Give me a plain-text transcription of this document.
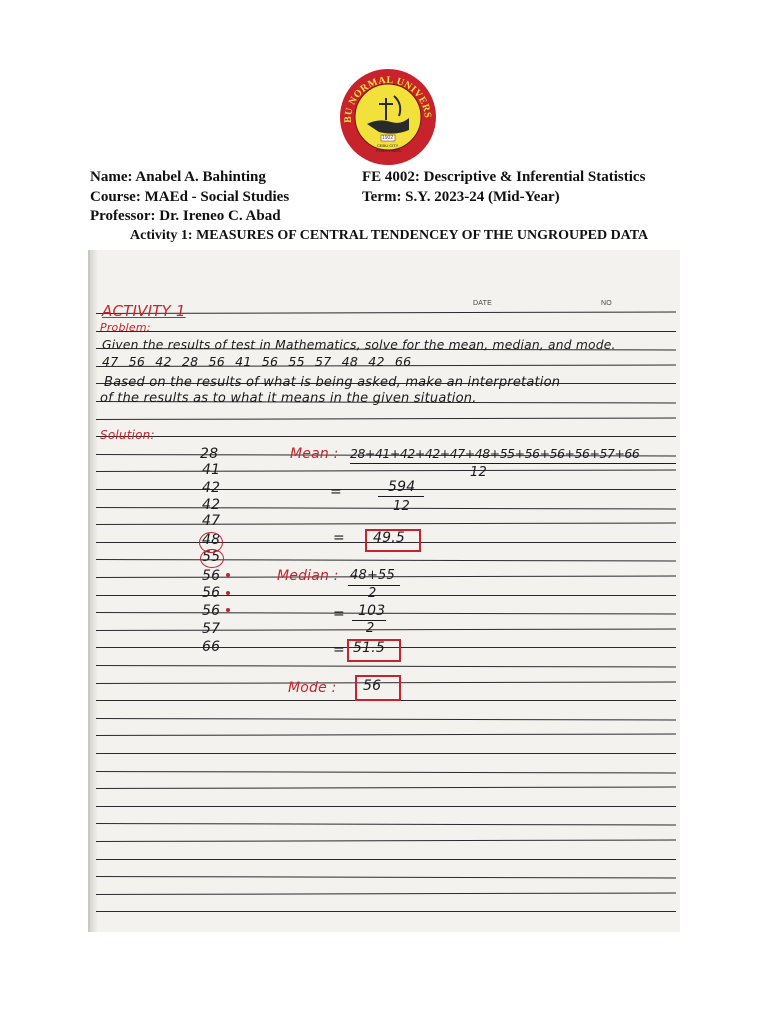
BU NORMAL UNIVERS
1902
CEBU CITY
PHILIPPINES
Name: Anabel A. Bahinting
Course: MAEd - Social Studies
Professor: Dr. Ireneo C. Abad
FE 4002: Descriptive & Inferential Statistics
Term: S.Y. 2023-24 (Mid-Year)
Activity 1: MEASURES OF CENTRAL TENDENCEY OF THE UNGROUPED DATA
ACTIVITY 1	DATE	NO
Problem:
Given the results of test in Mathematics, solve for the mean, median, and mode.
47 56 42 28 56 41 56 55 57 48 42 66
Based on the results of what is being asked, make an interpretation
of the results as to what it means in the given situation.
Solution:
28
41
42
42
47
48
55
56
56
56
57
66
Mean : 28+41+42+42+47+48+55+56+56+56+57+66
12
=	594
12
= 49.5
Median : 48+55
2
= 103
2
= 51.5
Mode : 56
